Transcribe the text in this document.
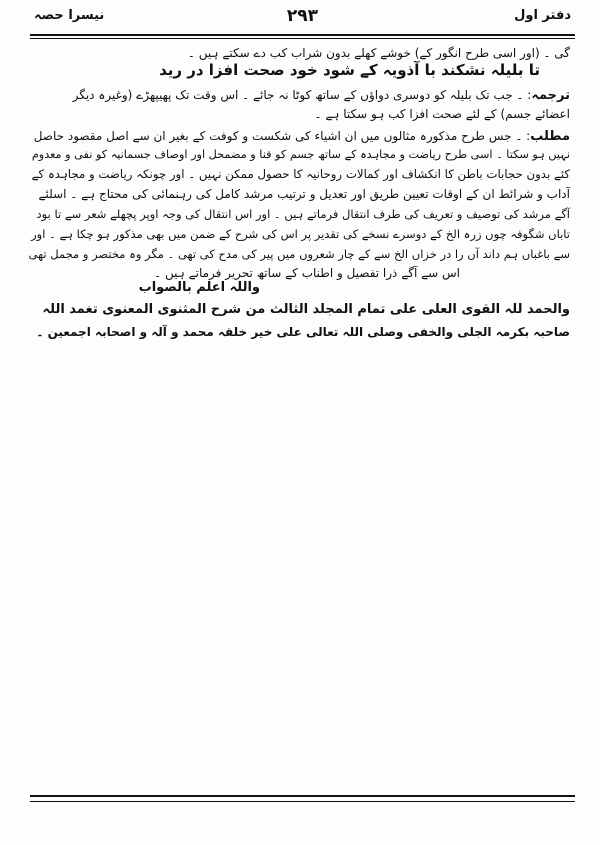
دفتر اول
۲۹۳
نیسرا حصہ
گی ۔ (اور اسی طرح انگور کے) خوشے کھلے بدون شراب کب دے سکتے ہیں ۔
تا بلیلہ نشکند با آذویہ کے شود خود صحت افزا در رید
ترجمہ: ۔ جب تک بلیلہ کو دوسری دواؤں کے ساتھ کوٹا نہ جائے ۔ اس وقت تک پھیپھڑے (وغیرہ دیگر
اعضائے جسم) کے لئے صحت افزا کب ہو سکتا ہے ۔
مطلب: ۔ جس طرح مذکورہ مثالوں میں ان اشیاء کی شکست و کوفت کے بغیر ان سے اصل مقصود حاصل
نہیں ہو سکتا ۔ اسی طرح ریاضت و مجاہدہ کے ساتھ جسم کو فنا و مضمحل اور اوصاف جسمانیہ کو نفی و معدوم
کئے بدون حجابات باطن کا انکشاف اور کمالات روحانیہ کا حصول ممکن نہیں ۔ اور چونکہ ریاضت و مجاہدہ کے
آداب و شرائط ان کے اوقات تعیین طریق اور تعدیل و ترتیب مرشد کامل کی رہنمائی کی محتاج ہے ۔ اسلئے
آگے مرشد کی توصیف و تعریف کی طرف انتقال فرماتے ہیں ۔ اور اس انتقال کی وجہ اوپر پچھلے شعر سے تا بود
تاباں شگوفہ چوں زرہ الخ کے دوسرے نسخے کی تقدیر پر اس کی شرح کے ضمن میں بھی مذکور ہو چکا ہے ۔ اور
سے باغباں ہم داند آں را در خزاں الخ سے کے چار شعروں میں پیر کی مدح کی تھی ۔ مگر وہ مختصر و مجمل تھی
اس سے آگے ذرا تفصیل و اطناب کے ساتھ تحریر فرماتے ہیں ۔
واللہ اعلم بالصواب
والحمد للہ القوی العلی علی تمام المجلد الثالث من شرح المثنوی المعنوی تغمد اللہ
صاحبہ بکرمہ الجلی والخفی وصلی اللہ تعالی علی خیر خلقہ محمد و آلہ و اصحابہ اجمعین ۔
